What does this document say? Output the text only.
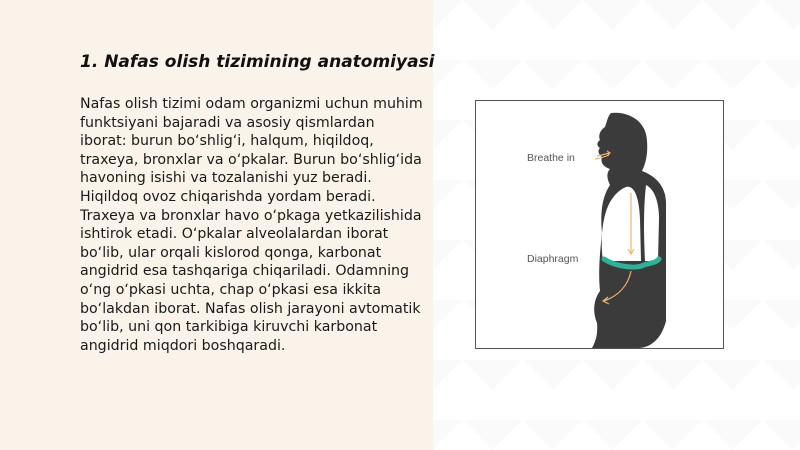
1. Nafas olish tizimining anatomiyasi

Nafas olish tizimi odam organizmi uchun muhim funktsiyani bajaradi va asosiy qismlardan iborat: burun bo‘shlig‘i, halqum, hiqildoq, traxeya, bronxlar va o‘pkalar. Burun bo‘shlig‘ida havoning isishi va tozalanishi yuz beradi. Hiqildoq ovoz chiqarishda yordam beradi. Traxeya va bronxlar havo o‘pkaga yetkazilishida ishtirok etadi. O‘pkalar alveolalardan iborat bo‘lib, ular orqali kislorod qonga, karbonat angidrid esa tashqariga chiqariladi. Odamning o‘ng o‘pkasi uchta, chap o‘pkasi esa ikkita bo‘lakdan iborat. Nafas olish jarayoni avtomatik bo‘lib, uni qon tarkibiga kiruvchi karbonat angidrid miqdori boshqaradi.

Breathe in
Diaphragm
